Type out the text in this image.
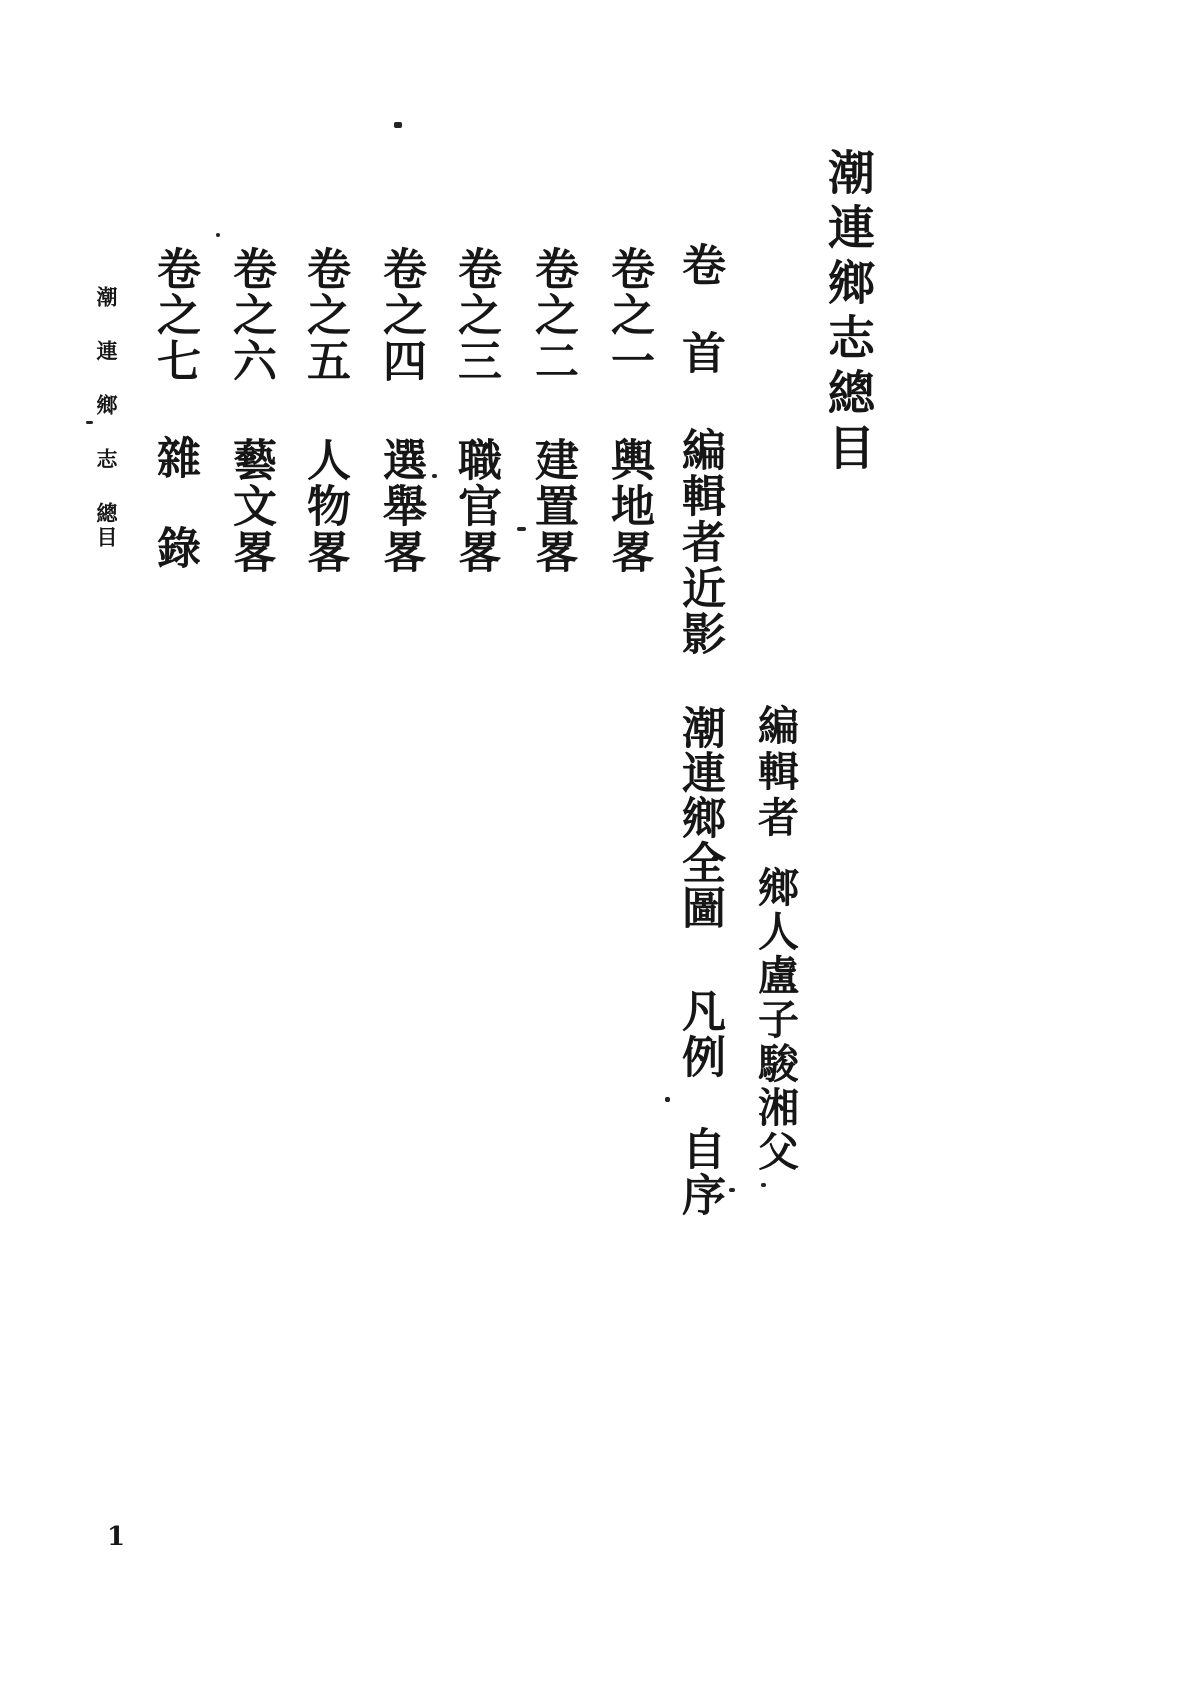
潮連鄉志總目
編輯者
鄉人盧子駿湘父
卷首
編輯者近影
潮連鄉全圖
凡例
自序
卷之一
輿地畧
卷之二
建置畧
卷之三
職官畧
卷之四
選舉畧
卷之五
人物畧
卷之六
藝文畧
卷之七
雜錄
潮連鄉志
總目
1
